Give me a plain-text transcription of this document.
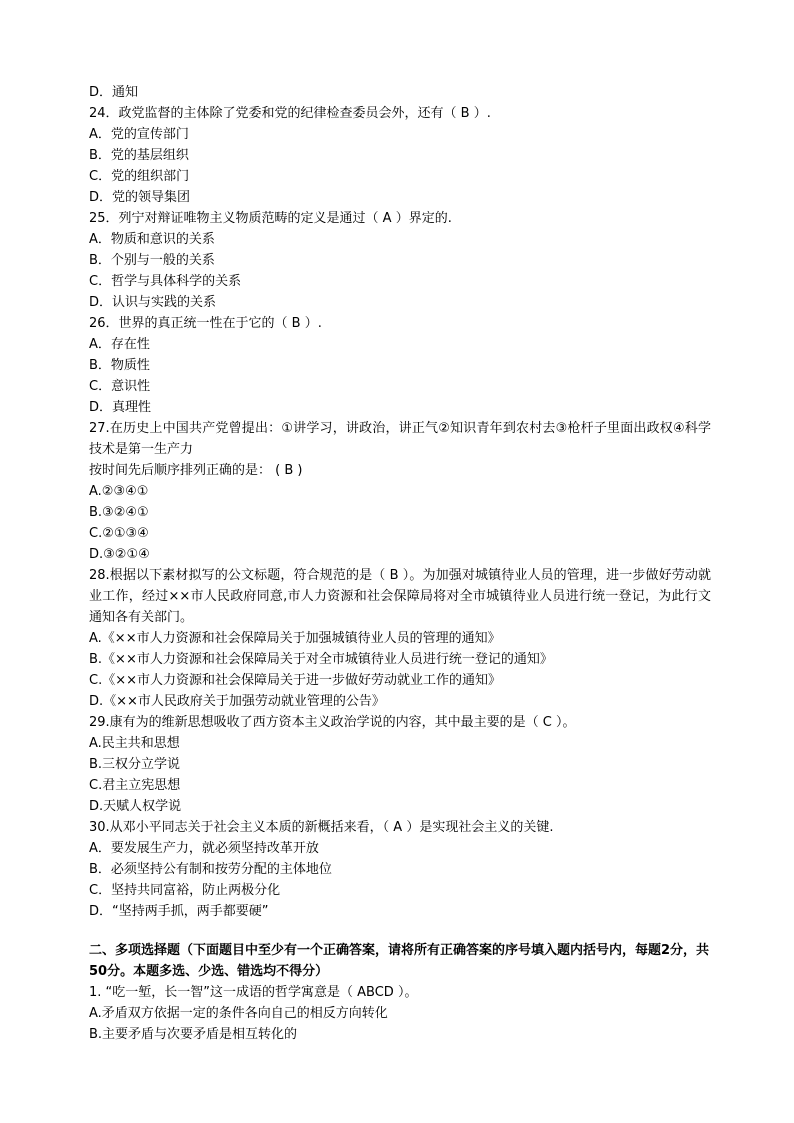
D．通知
24．政党监督的主体除了党委和党的纪律检查委员会外，还有（ B ）.
A．党的宣传部门
B．党的基层组织
C．党的组织部门
D．党的领导集团
25．列宁对辩证唯物主义物质范畴的定义是通过（ A ）界定的.
A．物质和意识的关系
B．个别与一般的关系
C．哲学与具体科学的关系
D．认识与实践的关系
26．世界的真正统一性在于它的（ B ）.
A．存在性
B．物质性
C．意识性
D．真理性
27.在历史上中国共产党曾提出：①讲学习，讲政治，讲正气②知识青年到农村去③枪杆子里面出政权④科学技术是第一生产力
按时间先后顺序排列正确的是： ( B )
A.②③④①
B.③②④①
C.②①③④
D.③②①④
28.根据以下素材拟写的公文标题，符合规范的是（ B ）。为加强对城镇待业人员的管理，进一步做好劳动就业工作，经过××市人民政府同意,市人力资源和社会保障局将对全市城镇待业人员进行统一登记，为此行文通知各有关部门。
A.《××市人力资源和社会保障局关于加强城镇待业人员的管理的通知》
B.《××市人力资源和社会保障局关于对全市城镇待业人员进行统一登记的通知》
C.《××市人力资源和社会保障局关于进一步做好劳动就业工作的通知》
D.《××市人民政府关于加强劳动就业管理的公告》
29.康有为的维新思想吸收了西方资本主义政治学说的内容，其中最主要的是（ C ）。
A.民主共和思想
B.三权分立学说
C.君主立宪思想
D.天赋人权学说
30.从邓小平同志关于社会主义本质的新概括来看，（ A ）是实现社会主义的关键.
A．要发展生产力，就必须坚持改革开放
B．必须坚持公有制和按劳分配的主体地位
C．坚持共同富裕，防止两极分化
D．“坚持两手抓，两手都要硬”
二、多项选择题（下面题目中至少有一个正确答案，请将所有正确答案的序号填入题内括号内，每题2分，共50分。本题多选、少选、错选均不得分）
1. “吃一堑，长一智”这一成语的哲学寓意是（ ABCD ）。
A.矛盾双方依据一定的条件各向自己的相反方向转化
B.主要矛盾与次要矛盾是相互转化的
